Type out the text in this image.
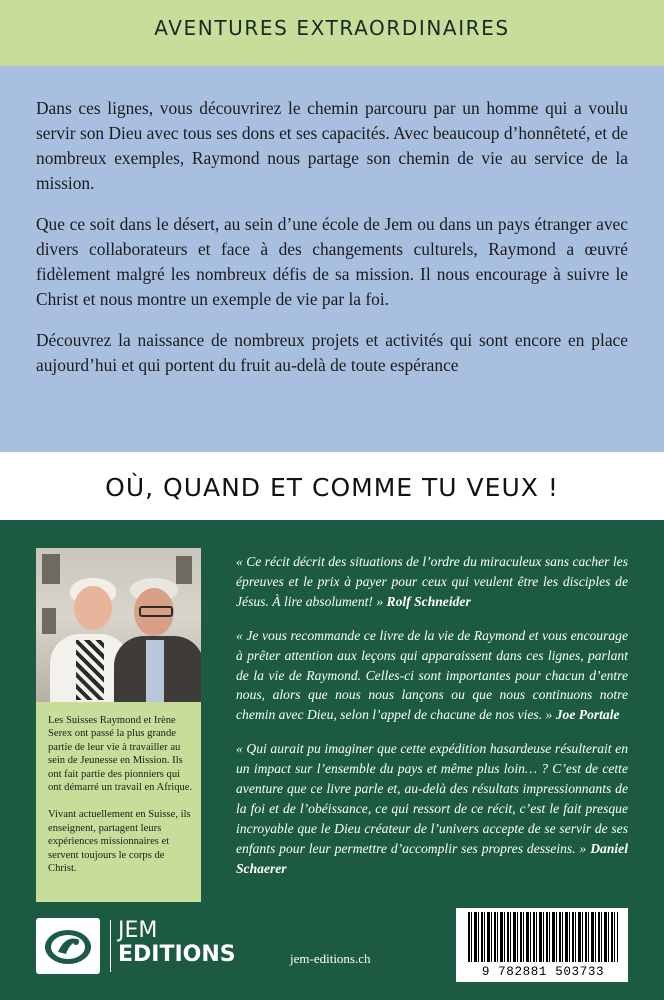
AVENTURES EXTRAORDINAIRES

Dans ces lignes, vous découvrirez le chemin parcouru par un homme qui a voulu servir son Dieu avec tous ses dons et ses capacités. Avec beaucoup d’honnêteté, et de nombreux exemples, Raymond nous partage son chemin de vie au service de la mission.

Que ce soit dans le désert, au sein d’une école de Jem ou dans un pays étranger avec divers collaborateurs et face à des changements culturels, Raymond a œuvré fidèlement malgré les nombreux défis de sa mission. Il nous encourage à suivre le Christ et nous montre un exemple de vie par la foi.

Découvrez la naissance de nombreux projets et activités qui sont encore en place aujourd’hui et qui portent du fruit au-delà de toute espérance

OÙ, QUAND ET COMME TU VEUX !

Les Suisses Raymond et Irène Serex ont passé la plus grande partie de leur vie à travailler au sein de Jeunesse en Mission. Ils ont fait partie des pionniers qui ont démarré un travail en Afrique.

Vivant actuellement en Suisse, ils enseignent, partagent leurs expériences missionnaires et servent toujours le corps de Christ.

« Ce récit décrit des situations de l’ordre du miraculeux sans cacher les épreuves et le prix à payer pour ceux qui veulent être les disciples de Jésus. À lire absolument! » Rolf Schneider

« Je vous recommande ce livre de la vie de Raymond et vous encourage à prêter attention aux leçons qui apparaissent dans ces lignes, parlant de la vie de Raymond. Celles-ci sont importantes pour chacun d’entre nous, alors que nous nous lançons ou que nous continuons notre chemin avec Dieu, selon l’appel de chacune de nos vies. » Joe Portale

« Qui aurait pu imaginer que cette expédition hasardeuse résulterait en un impact sur l’ensemble du pays et même plus loin… ? C’est de cette aventure que ce livre parle et, au-delà des résultats impressionnants de la foi et de l’obéissance, ce qui ressort de ce récit, c’est le fait presque incroyable que le Dieu créateur de l’univers accepte de se servir de ses enfants pour leur permettre d’accomplir ses propres desseins. » Daniel Schaerer

JEM
EDITIONS	jem-editions.ch
9 782881 503733
